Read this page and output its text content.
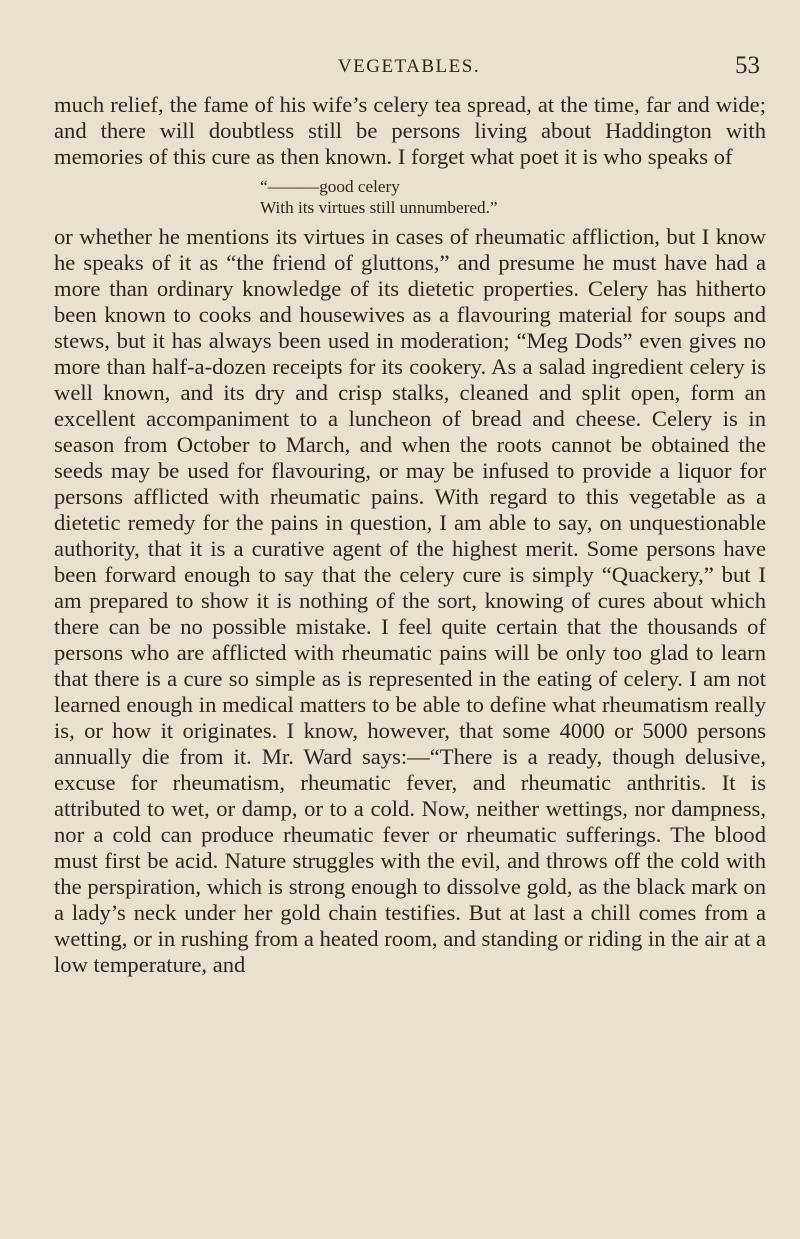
VEGETABLES.	53

much relief, the fame of his wife’s celery tea spread, at the time, far and wide; and there will doubtless still be persons living about Haddington with memories of this cure as then known. I forget what poet it is who speaks of

“———good celery
With its virtues still unnumbered.”

or whether he mentions its virtues in cases of rheumatic affliction, but I know he speaks of it as “the friend of gluttons,” and presume he must have had a more than ordinary knowledge of its dietetic properties. Celery has hitherto been known to cooks and housewives as a flavouring material for soups and stews, but it has always been used in moderation; “Meg Dods” even gives no more than half-a-dozen receipts for its cookery. As a salad ingredient celery is well known, and its dry and crisp stalks, cleaned and split open, form an excellent accompaniment to a luncheon of bread and cheese. Celery is in season from October to March, and when the roots cannot be obtained the seeds may be used for flavouring, or may be infused to provide a liquor for persons afflicted with rheumatic pains. With regard to this vegetable as a dietetic remedy for the pains in question, I am able to say, on unquestionable authority, that it is a curative agent of the highest merit. Some persons have been forward enough to say that the celery cure is simply “Quackery,” but I am prepared to show it is nothing of the sort, knowing of cures about which there can be no possible mistake. I feel quite certain that the thousands of persons who are afflicted with rheumatic pains will be only too glad to learn that there is a cure so simple as is represented in the eating of celery. I am not learned enough in medical matters to be able to define what rheumatism really is, or how it originates. I know, however, that some 4000 or 5000 persons annually die from it. Mr. Ward says:—“There is a ready, though delusive, excuse for rheumatism, rheumatic fever, and rheumatic anthritis. It is attributed to wet, or damp, or to a cold. Now, neither wettings, nor dampness, nor a cold can produce rheumatic fever or rheumatic sufferings. The blood must first be acid. Nature struggles with the evil, and throws off the cold with the perspiration, which is strong enough to dissolve gold, as the black mark on a lady’s neck under her gold chain testifies. But at last a chill comes from a wetting, or in rushing from a heated room, and standing or riding in the air at a low temperature, and
